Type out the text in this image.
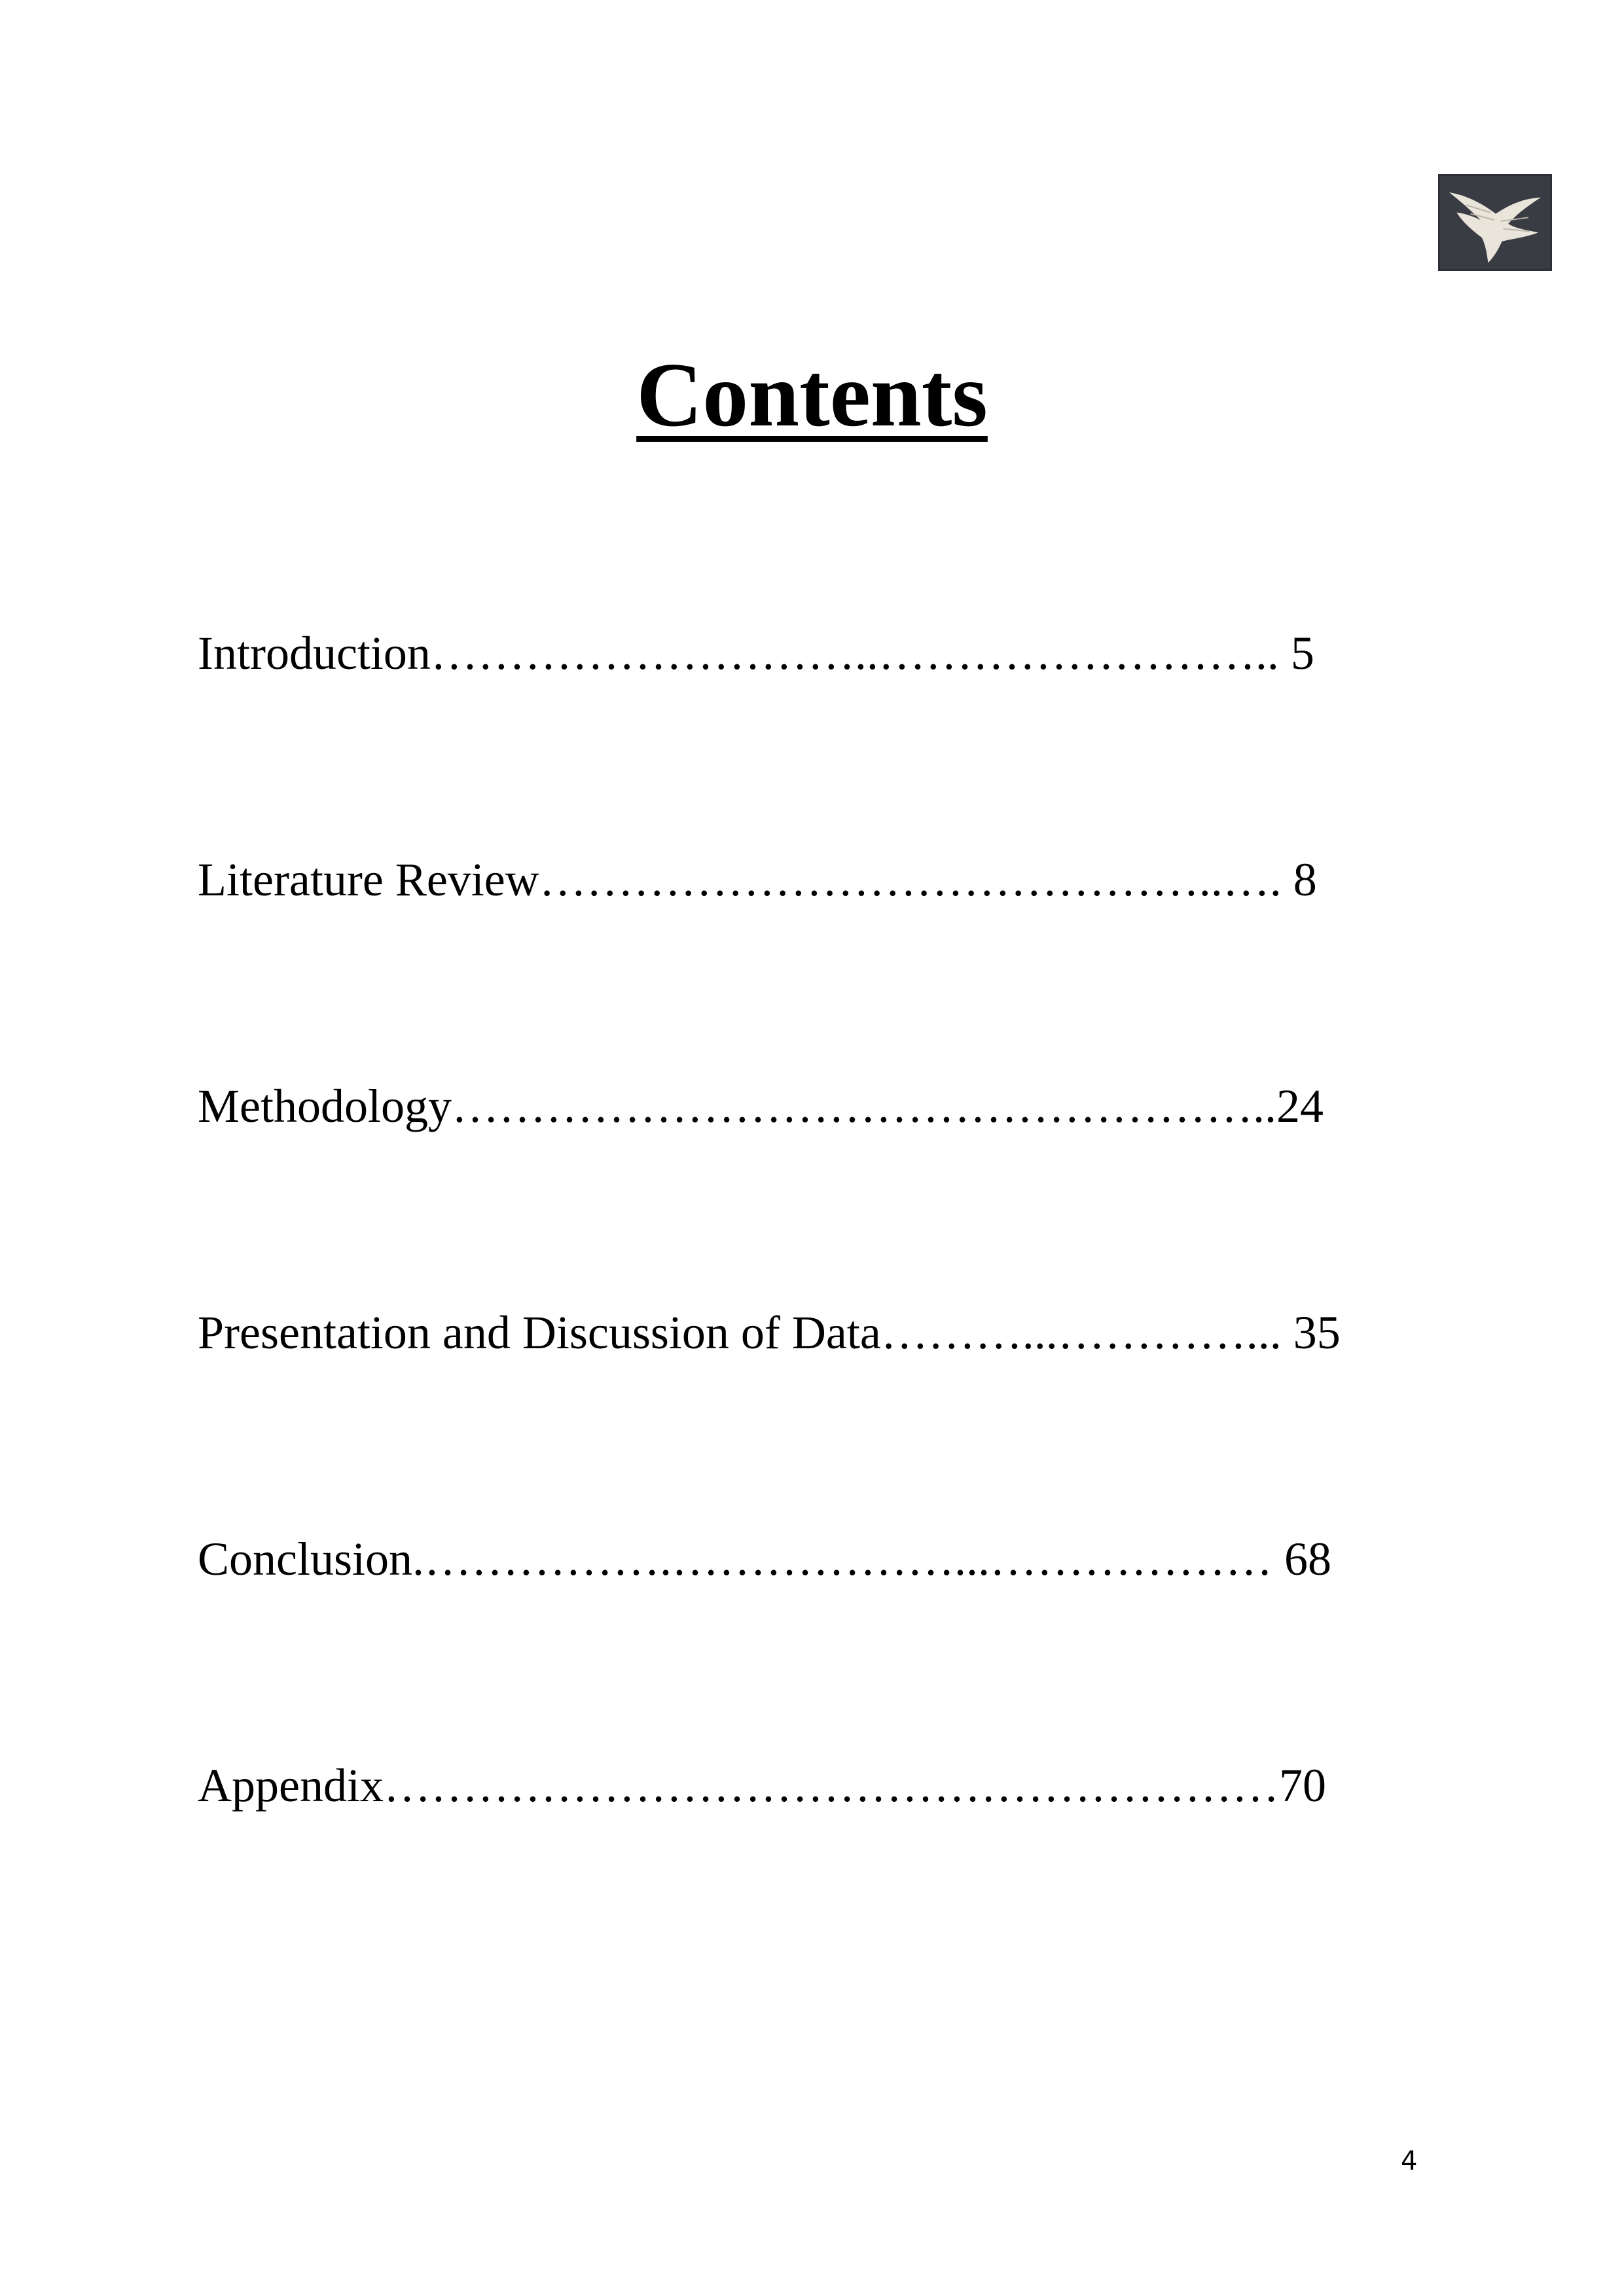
Contents
Introduction………………………..…………………….. 5
Literature Review……………………………………..…. 8
Methodology……………………………………………..24
Presentation and Discussion of Data………...…………... 35
Conclusion.…………….………………...……………… 68
Appendix…………………………………………………70
4
